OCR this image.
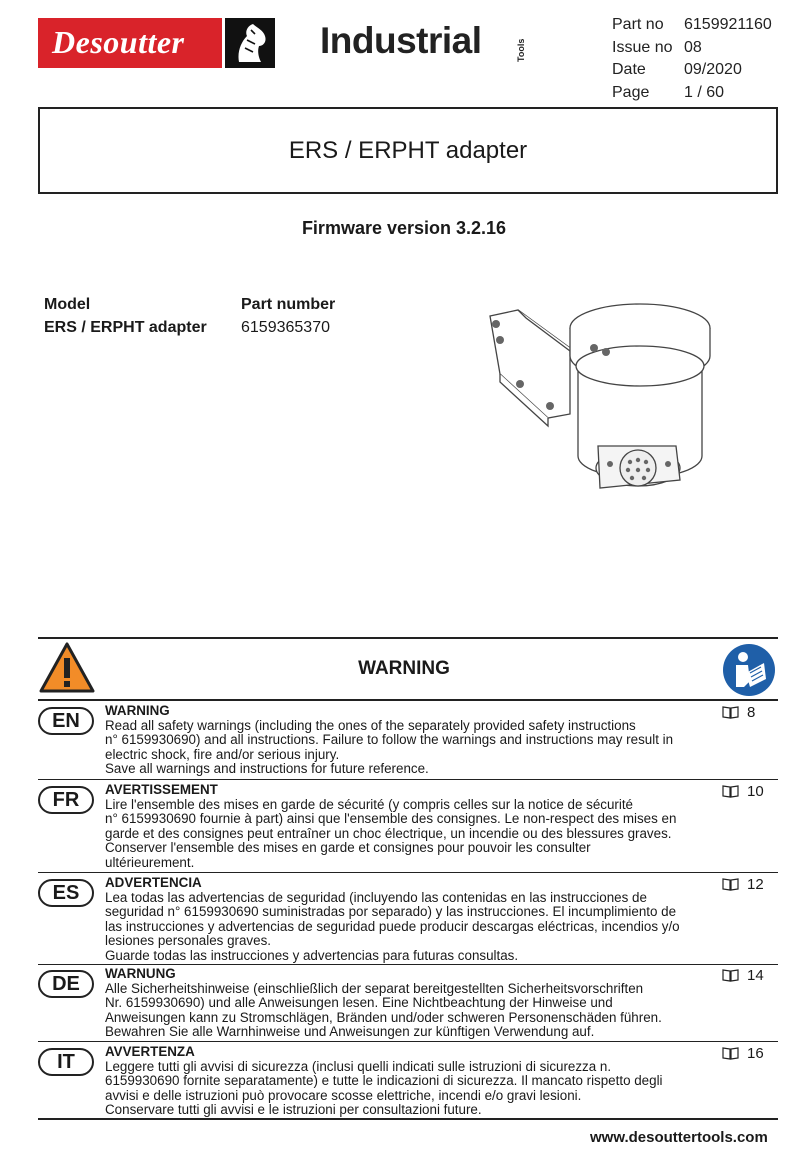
Desoutter	Industrial	Tools
Part no	6159921160
Issue no 08
Date	09/2020
Page	1 / 60
ERS / ERPHT adapter
Firmware version 3.2.16
Model	Part number
ERS / ERPHT adapter 6159365370
WARNING
EN	WARNING
Read all safety warnings (including the ones of the separately provided safety instructions
n° 6159930690) and all instructions. Failure to follow the warnings and instructions may result in
electric shock, fire and/or serious injury.
Save all warnings and instructions for future reference.
8
FR	AVERTISSEMENT
Lire l'ensemble des mises en garde de sécurité (y compris celles sur la notice de sécurité
n° 6159930690 fournie à part) ainsi que l'ensemble des consignes. Le non-respect des mises en
garde et des consignes peut entraîner un choc électrique, un incendie ou des blessures graves.
Conserver l'ensemble des mises en garde et consignes pour pouvoir les consulter
ultérieurement.
10
ES	ADVERTENCIA
Lea todas las advertencias de seguridad (incluyendo las contenidas en las instrucciones de
seguridad n° 6159930690 suministradas por separado) y las instrucciones. El incumplimiento de
las instrucciones y advertencias de seguridad puede producir descargas eléctricas, incendios y/o
lesiones personales graves.
Guarde todas las instrucciones y advertencias para futuras consultas.
12
DE	WARNUNG
Alle Sicherheitshinweise (einschließlich der separat bereitgestellten Sicherheitsvorschriften
Nr. 6159930690) und alle Anweisungen lesen. Eine Nichtbeachtung der Hinweise und
Anweisungen kann zu Stromschlägen, Bränden und/oder schweren Personenschäden führen.
Bewahren Sie alle Warnhinweise und Anweisungen zur künftigen Verwendung auf.
14
IT	AVVERTENZA
Leggere tutti gli avvisi di sicurezza (inclusi quelli indicati sulle istruzioni di sicurezza n.
6159930690 fornite separatamente) e tutte le indicazioni di sicurezza. Il mancato rispetto degli
avvisi e delle istruzioni può provocare scosse elettriche, incendi e/o gravi lesioni.
Conservare tutti gli avvisi e le istruzioni per consultazioni future.
16
www.desouttertools.com
